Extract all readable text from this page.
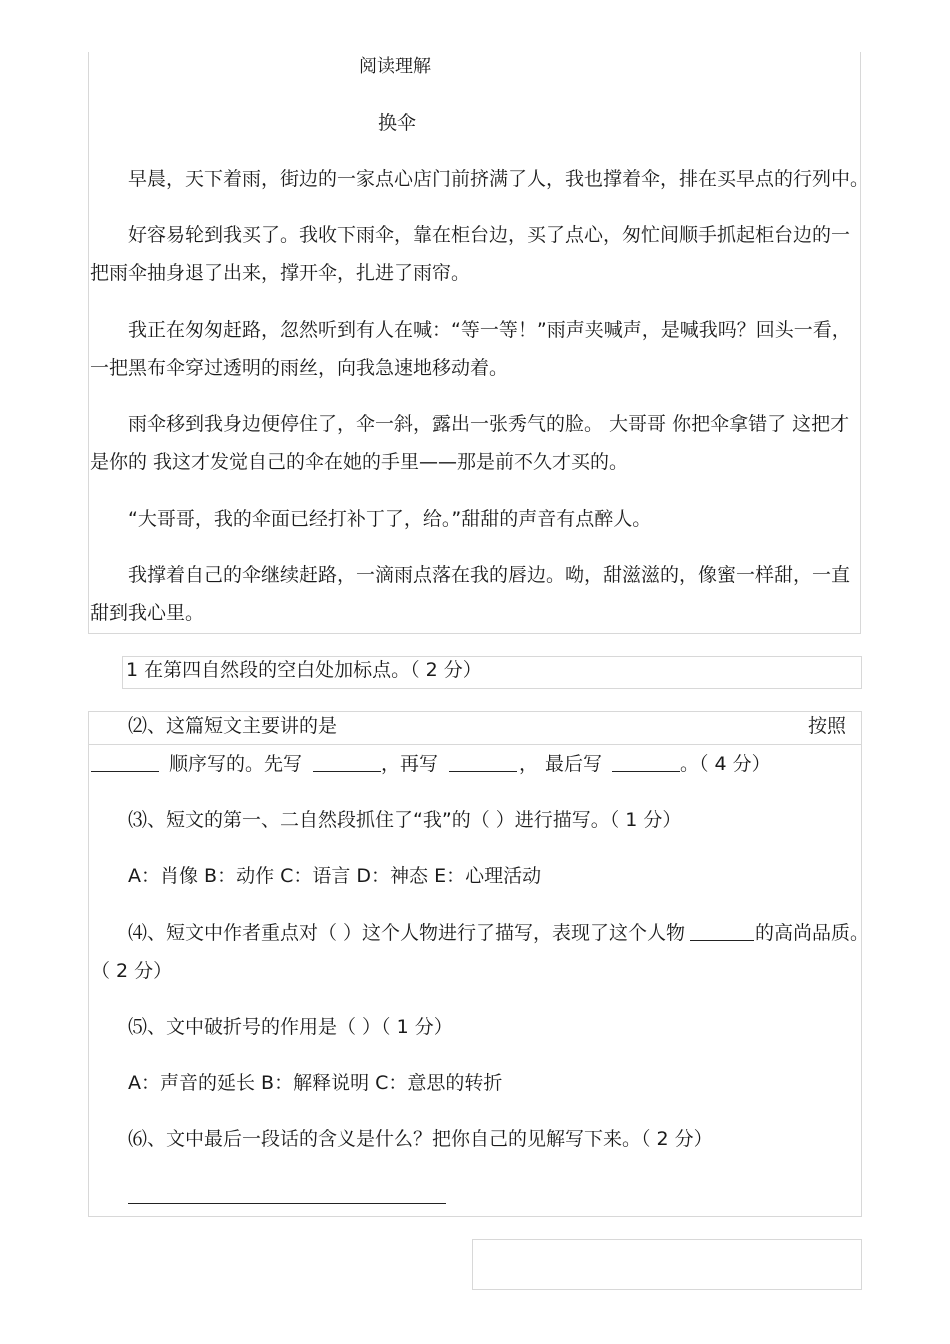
阅读理解
换伞
早晨，天下着雨，街边的一家点心店门前挤满了人，我也撑着伞，排在买早点的行列中。
好容易轮到我买了。我收下雨伞，靠在柜台边，买了点心，匆忙间顺手抓起柜台边的一
把雨伞抽身退了出来，撑开伞，扎进了雨帘。
我正在匆匆赶路，忽然听到有人在喊：“等一等！”雨声夹喊声，是喊我吗？回头一看，
一把黑布伞穿过透明的雨丝，向我急速地移动着。
雨伞移到我身边便停住了，伞一斜，露出一张秀气的脸。 大哥哥 你把伞拿错了 这把才
是你的 我这才发觉自己的伞在她的手里——那是前不久才买的。
“大哥哥，我的伞面已经打补丁了，给。”甜甜的声音有点醉人。
我撑着自己的伞继续赶路，一滴雨点落在我的唇边。呦，甜滋滋的，像蜜一样甜，一直
甜到我心里。
1 在第四自然段的空白处加标点。（ 2 分）
⑵、这篇短文主要讲的是	按照
顺序写的。先写	，再写	， 最后写	。（ 4 分）
⑶、短文的第一、二自然段抓住了“我”的（ ）进行描写。（ 1 分）
A：肖像 B：动作 C：语言 D：神态 E：心理活动
⑷、短文中作者重点对（ ）这个人物进行了描写，表现了这个人物	的高尚品质。
（ 2 分）
⑸、文中破折号的作用是（ ）（ 1 分）
A：声音的延长 B：解释说明 C：意思的转折
⑹、文中最后一段话的含义是什么？把你自己的见解写下来。（ 2 分）
